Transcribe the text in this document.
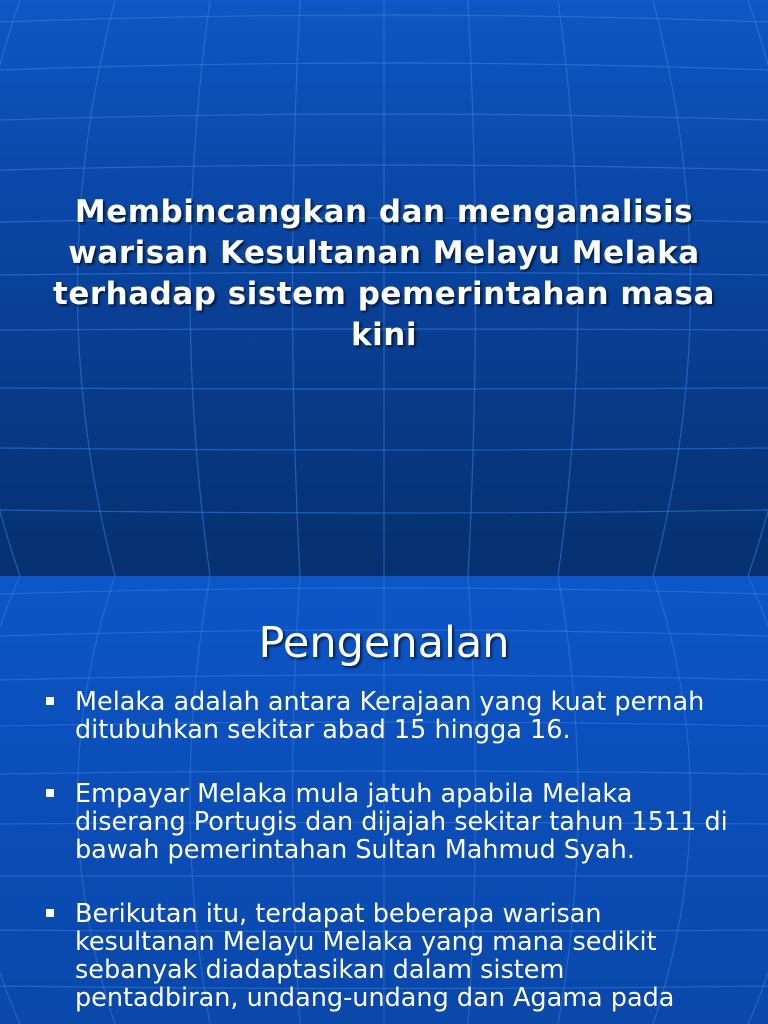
Membincangkan dan menganalisis warisan Kesultanan Melayu Melaka terhadap sistem pemerintahan masa kini
Pengenalan
Melaka adalah antara Kerajaan yang kuat pernah ditubuhkan sekitar abad 15 hingga 16.
Empayar Melaka mula jatuh apabila Melaka diserang Portugis dan dijajah sekitar tahun 1511 di bawah pemerintahan Sultan Mahmud Syah.
Berikutan itu, terdapat beberapa warisan kesultanan Melayu Melaka yang mana sedikit sebanyak diadaptasikan dalam sistem pentadbiran, undang-undang dan Agama pada
